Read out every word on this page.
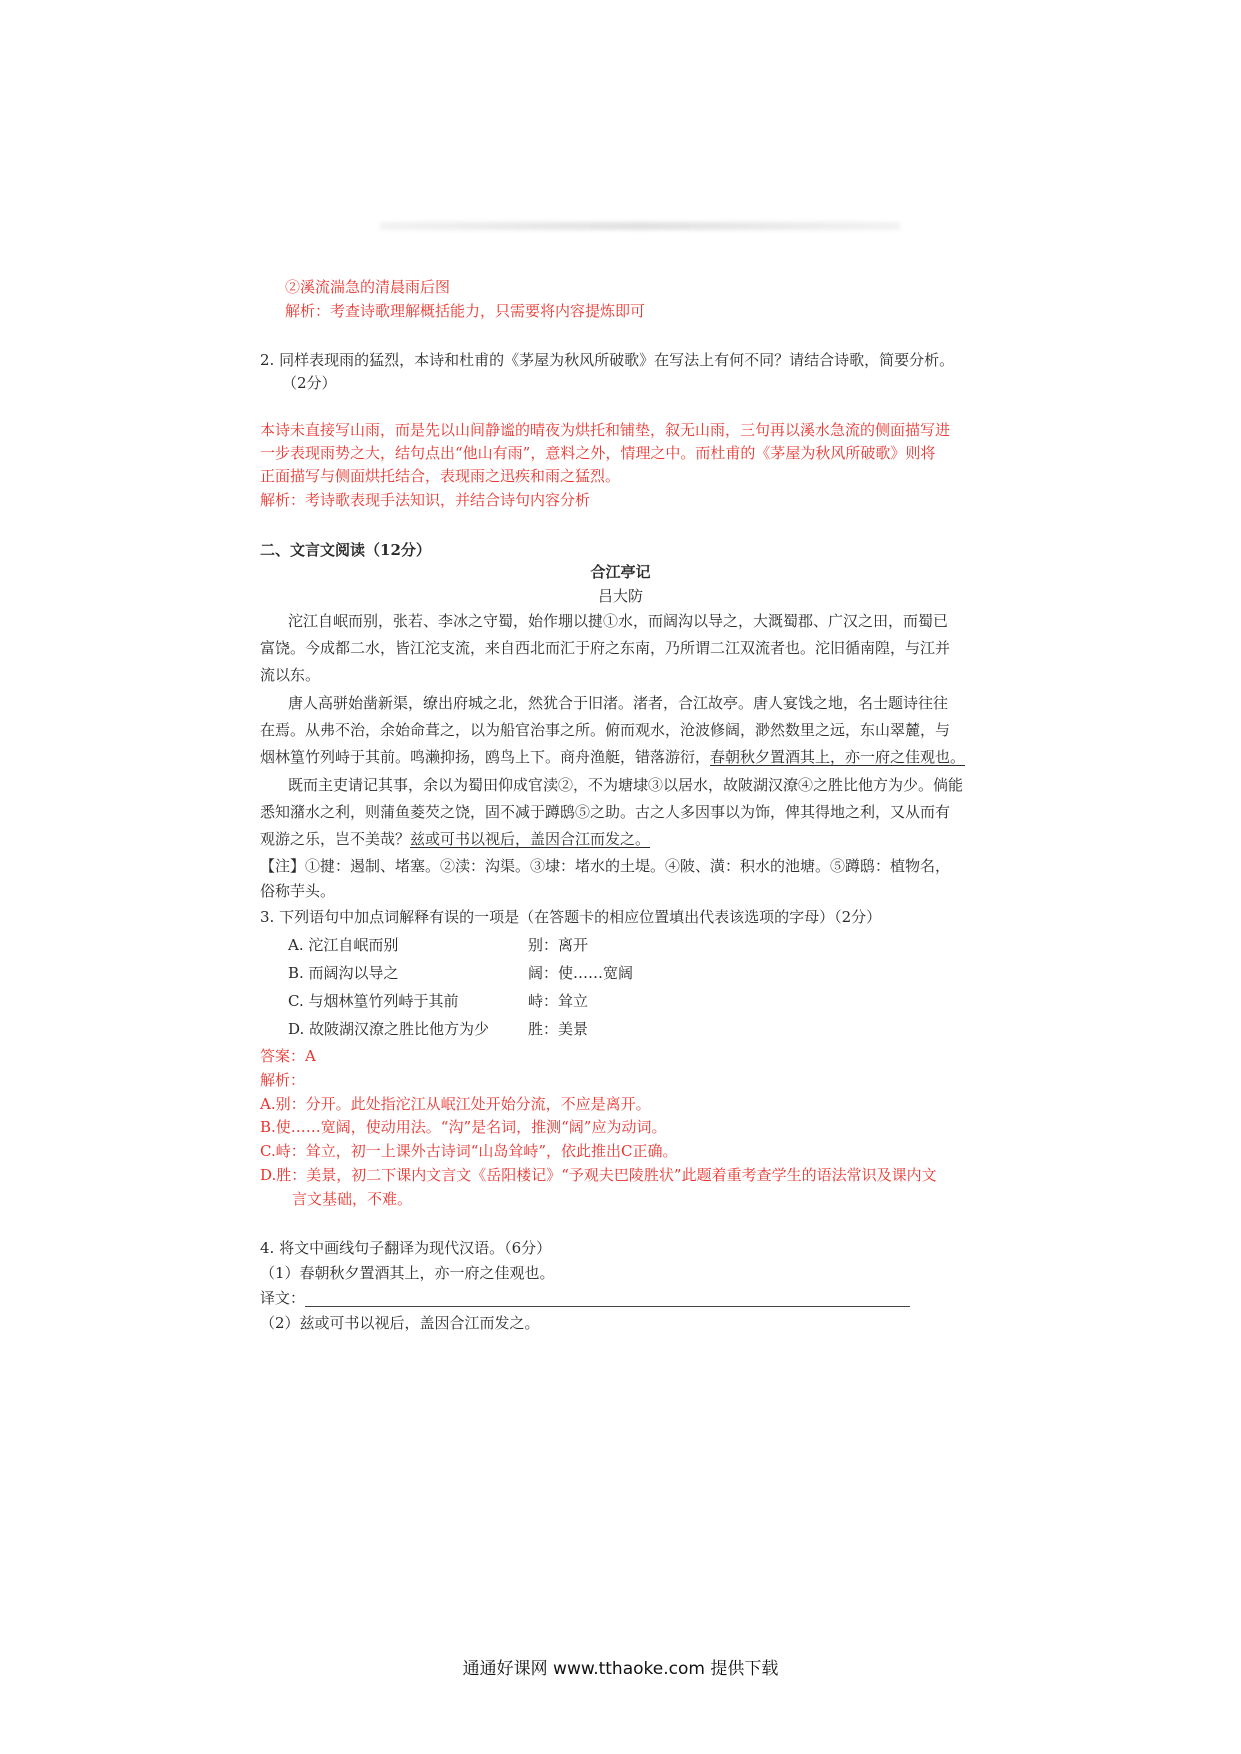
②溪流湍急的清晨雨后图
解析：考查诗歌理解概括能力，只需要将内容提炼即可
2. 同样表现雨的猛烈，本诗和杜甫的《茅屋为秋风所破歌》在写法上有何不同？请结合诗歌，简要分析。
（2分）
本诗未直接写山雨，而是先以山间静谧的晴夜为烘托和铺垫，叙无山雨，三句再以溪水急流的侧面描写进
一步表现雨势之大，结句点出“他山有雨”，意料之外，情理之中。而杜甫的《茅屋为秋风所破歌》则将
正面描写与侧面烘托结合，表现雨之迅疾和雨之猛烈。
解析：考诗歌表现手法知识，并结合诗句内容分析
二、文言文阅读（12分）
合江亭记
吕大防
沱江自岷而别，张若、李冰之守蜀，始作堋以揵①水，而阔沟以导之，大溉蜀郡、广汉之田，而蜀已
富饶。今成都二水，皆江沱支流，来自西北而汇于府之东南，乃所谓二江双流者也。沱旧循南隍，与江并
流以东。
唐人高骈始凿新渠，缭出府城之北，然犹合于旧渚。渚者，合江故亭。唐人宴饯之地，名士题诗往往
在焉。从弗不治，余始命葺之，以为船官治事之所。俯而观水，沧波修阔，渺然数里之远，东山翠麓，与
烟林篁竹列峙于其前。鸣濑抑扬，鸥鸟上下。商舟渔艇，错落游衍，春朝秋夕置酒其上，亦一府之佳观也。
既而主吏请记其事，余以为蜀田仰成官渎②，不为塘埭③以居水，故陂湖汉潦④之胜比他方为少。倘能
悉知潴水之利，则蒲鱼菱芡之饶，固不减于蹲鸱⑤之助。古之人多因事以为饰，俾其得地之利，又从而有
观游之乐，岂不美哉？兹或可书以视后，盖因合江而发之。
【注】①揵：遏制、堵塞。②渎：沟渠。③埭：堵水的土堤。④陂、潢：积水的池塘。⑤蹲鸱：植物名，
俗称芋头。
3. 下列语句中加点词解释有误的一项是（在答题卡的相应位置填出代表该选项的字母）（2分）
A. 沱江自岷而别	别：离开
B. 而阔沟以导之	阔：使……宽阔
C. 与烟林篁竹列峙于其前	峙：耸立
D. 故陂湖汉潦之胜比他方为少	胜：美景
答案：A
解析：
A.别：分开。此处指沱江从岷江处开始分流，不应是离开。
B.使……宽阔，使动用法。“沟”是名词，推测“阔”应为动词。
C.峙：耸立，初一上课外古诗词“山岛耸峙”，依此推出C正确。
D.胜：美景，初二下课内文言文《岳阳楼记》“予观夫巴陵胜状”此题着重考查学生的语法常识及课内文
言文基础，不难。
4. 将文中画线句子翻译为现代汉语。（6分）
（1）春朝秋夕置酒其上，亦一府之佳观也。
译文：
（2）兹或可书以视后，盖因合江而发之。
通通好课网 www.tthaoke.com 提供下载
